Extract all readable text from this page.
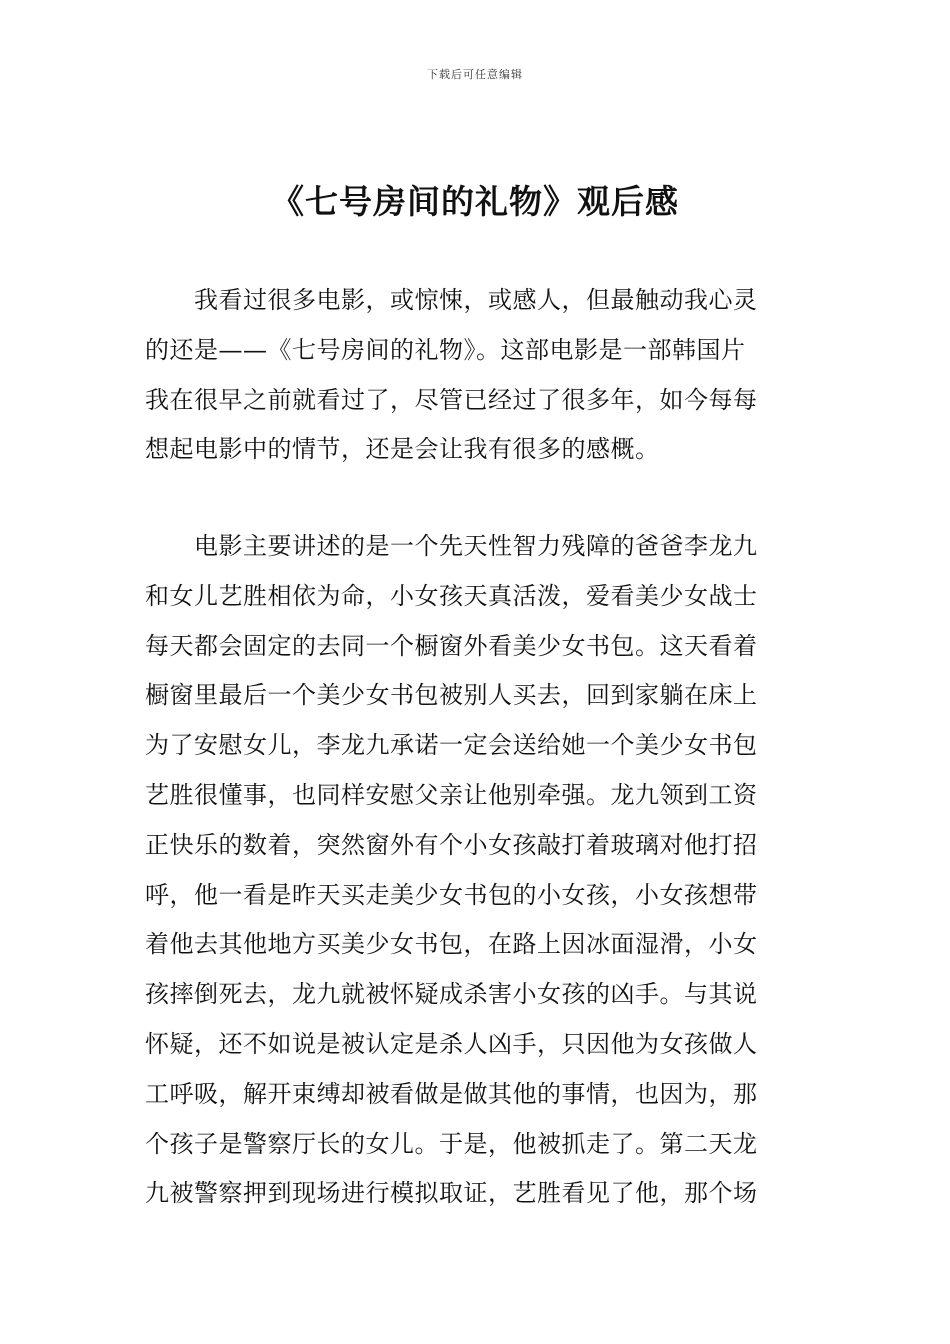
下载后可任意编辑
《七号房间的礼物》观后感
　　我看过很多电影，或惊悚，或感人，但最触动我心灵
的还是——《七号房间的礼物》。这部电影是一部韩国片
我在很早之前就看过了，尽管已经过了很多年，如今每每
想起电影中的情节，还是会让我有很多的感概。
　　电影主要讲述的是一个先天性智力残障的爸爸李龙九
和女儿艺胜相依为命，小女孩天真活泼，爱看美少女战士
每天都会固定的去同一个橱窗外看美少女书包。这天看着
橱窗里最后一个美少女书包被别人买去，回到家躺在床上
为了安慰女儿，李龙九承诺一定会送给她一个美少女书包
艺胜很懂事，也同样安慰父亲让他别牵强。龙九领到工资
正快乐的数着，突然窗外有个小女孩敲打着玻璃对他打招
呼，他一看是昨天买走美少女书包的小女孩，小女孩想带
着他去其他地方买美少女书包，在路上因冰面湿滑，小女
孩摔倒死去，龙九就被怀疑成杀害小女孩的凶手。与其说
怀疑，还不如说是被认定是杀人凶手，只因他为女孩做人
工呼吸，解开束缚却被看做是做其他的事情，也因为，那
个孩子是警察厅长的女儿。于是，他被抓走了。第二天龙
九被警察押到现场进行模拟取证，艺胜看见了他，那个场
